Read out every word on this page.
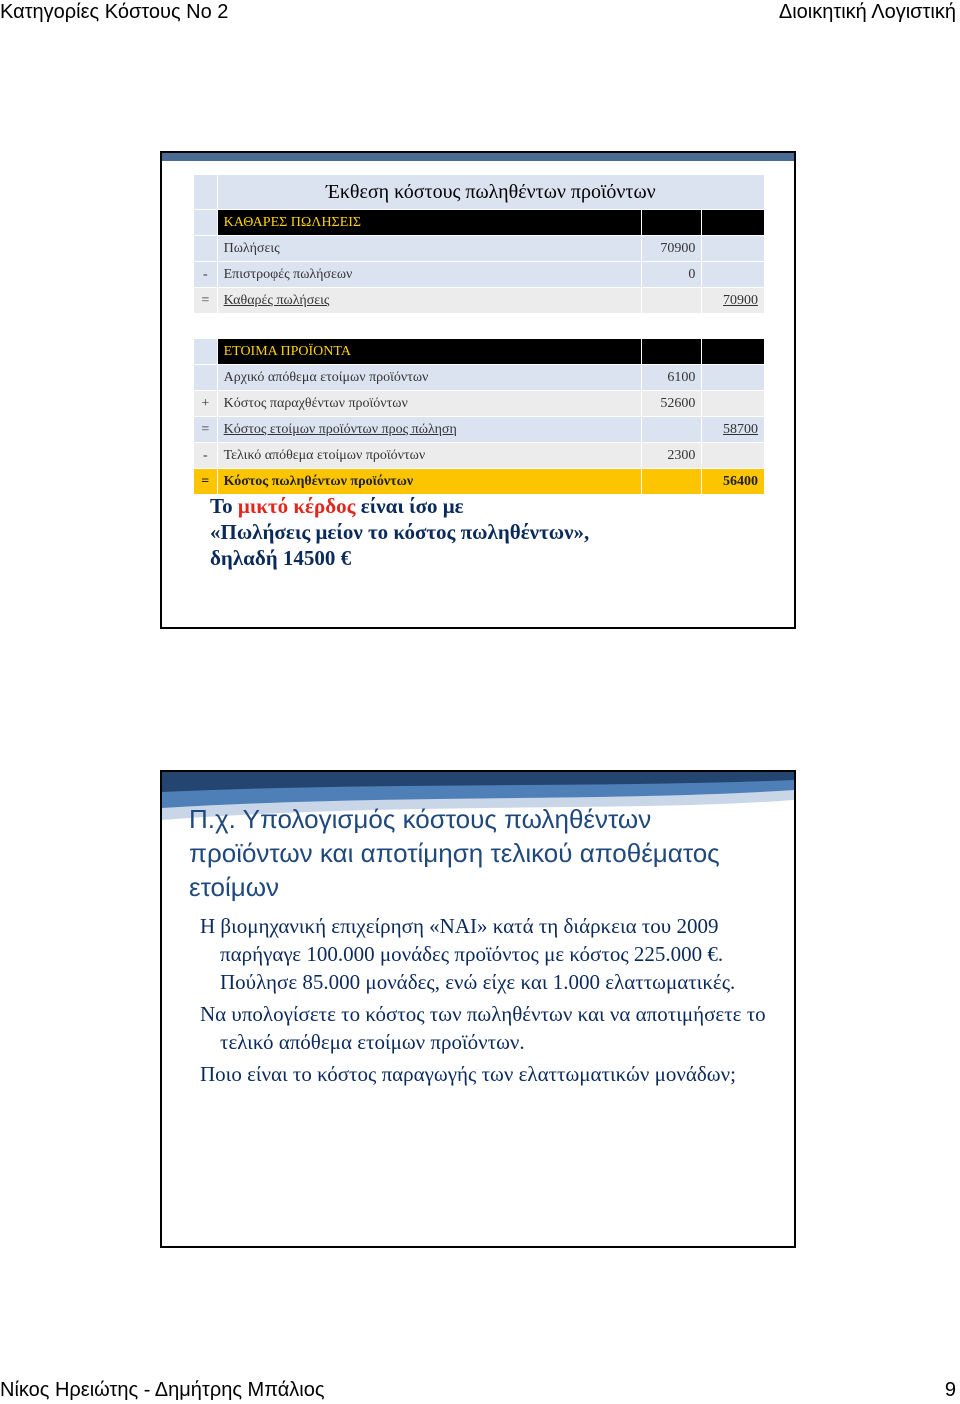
Κατηγορίες Κόστους Νο 2	Διοικητική Λογιστική
	Έκθεση κόστους πωληθέντων προϊόντων		
	ΚΑΘΑΡΕΣ ΠΩΛΗΣΕΙΣ		
	Πωλήσεις	70900	
-	Επιστροφές πωλήσεων	0	
=	Καθαρές πωλήσεις		70900

	ΕΤΟΙΜΑ ΠΡΟΪΟΝΤΑ		
	Αρχικό απόθεμα ετοίμων προϊόντων	6100	
+	Κόστος παραχθέντων προϊόντων	52600	
=	Κόστος ετοίμων προϊόντων προς πώληση		58700
-	Τελικό απόθεμα ετοίμων προϊόντων	2300	
=	Κόστος πωληθέντων προϊόντων		56400
Το μικτό κέρδος είναι ίσο με
«Πωλήσεις μείον το κόστος πωληθέντων»,
δηλαδή 14500 €
Π.χ. Υπολογισμός κόστους πωληθέντων προϊόντων και αποτίμηση τελικού αποθέματος ετοίμων

Η βιομηχανική επιχείρηση «ΝΑΙ» κατά τη διάρκεια του 2009 παρήγαγε 100.000 μονάδες προϊόντος με κόστος 225.000 €. Πούλησε 85.000 μονάδες, ενώ είχε και 1.000 ελαττωματικές.

Να υπολογίσετε το κόστος των πωληθέντων και να αποτιμήσετε το τελικό απόθεμα ετοίμων προϊόντων.

Ποιο είναι το κόστος παραγωγής των ελαττωματικών μονάδων;

Νίκος Ηρειώτης - Δημήτρης Μπάλιος	9
